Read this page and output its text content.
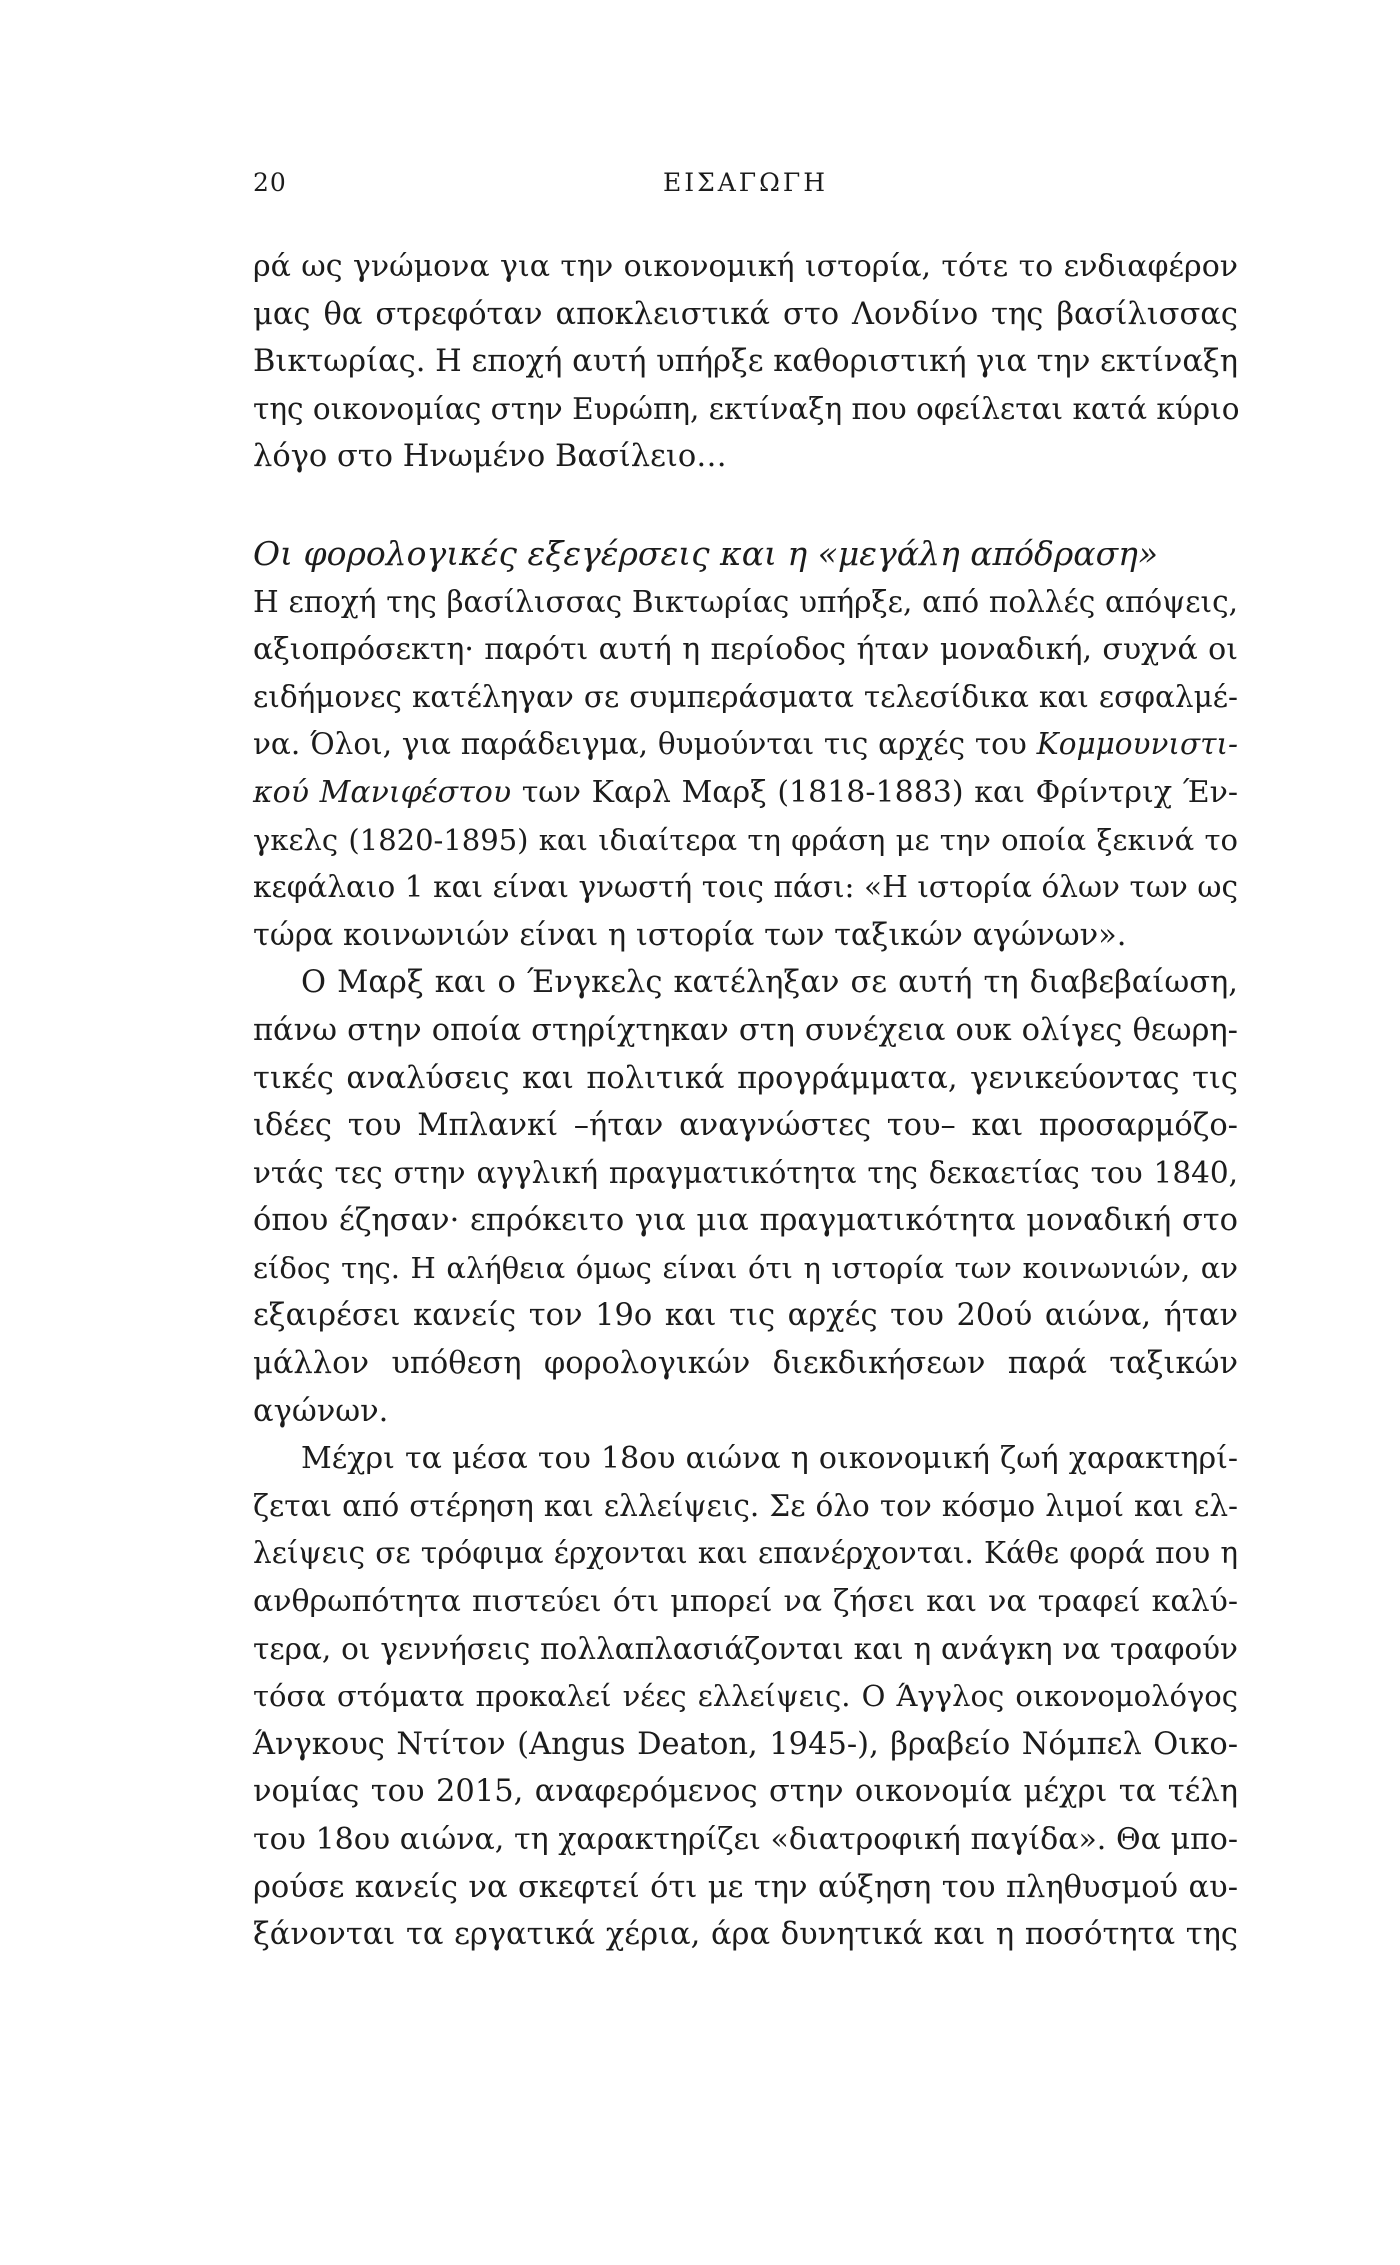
20	ΕΙΣΑΓΩΓΗ
ρά ως γνώμονα για την οικονομική ιστορία, τότε το ενδιαφέρον
μας θα στρεφόταν αποκλειστικά στο Λονδίνο της βασίλισσας
Βικτωρίας. Η εποχή αυτή υπήρξε καθοριστική για την εκτίναξη
της οικονομίας στην Ευρώπη, εκτίναξη που οφείλεται κατά κύριο
λόγο στο Ηνωμένο Βασίλειο…
Οι φορολογικές εξεγέρσεις και η «μεγάλη απόδραση»
Η εποχή της βασίλισσας Βικτωρίας υπήρξε, από πολλές απόψεις,
αξιοπρόσεκτη· παρότι αυτή η περίοδος ήταν μοναδική, συχνά οι
ειδήμονες κατέληγαν σε συμπεράσματα τελεσίδικα και εσφαλμέ-
να. Όλοι, για παράδειγμα, θυμούνται τις αρχές του Κομμουνιστι-
κού Μανιφέστου των Καρλ Μαρξ (1818-1883) και Φρίντριχ Έν-
γκελς (1820-1895) και ιδιαίτερα τη φράση με την οποία ξεκινά το
κεφάλαιο 1 και είναι γνωστή τοις πάσι: «Η ιστορία όλων των ως
τώρα κοινωνιών είναι η ιστορία των ταξικών αγώνων».
Ο Μαρξ και ο Ένγκελς κατέληξαν σε αυτή τη διαβεβαίωση,
πάνω στην οποία στηρίχτηκαν στη συνέχεια ουκ ολίγες θεωρη-
τικές αναλύσεις και πολιτικά προγράμματα, γενικεύοντας τις
ιδέες του Μπλανκί –ήταν αναγνώστες του– και προσαρμόζο-
ντάς τες στην αγγλική πραγματικότητα της δεκαετίας του 1840,
όπου έζησαν· επρόκειτο για μια πραγματικότητα μοναδική στο
είδος της. Η αλήθεια όμως είναι ότι η ιστορία των κοινωνιών, αν
εξαιρέσει κανείς τον 19ο και τις αρχές του 20ού αιώνα, ήταν
μάλλον υπόθεση φορολογικών διεκδικήσεων παρά ταξικών
αγώνων.
Μέχρι τα μέσα του 18ου αιώνα η οικονομική ζωή χαρακτηρί-
ζεται από στέρηση και ελλείψεις. Σε όλο τον κόσμο λιμοί και ελ-
λείψεις σε τρόφιμα έρχονται και επανέρχονται. Κάθε φορά που η
ανθρωπότητα πιστεύει ότι μπορεί να ζήσει και να τραφεί καλύ-
τερα, οι γεννήσεις πολλαπλασιάζονται και η ανάγκη να τραφούν
τόσα στόματα προκαλεί νέες ελλείψεις. Ο Άγγλος οικονομολόγος
Άνγκους Ντίτον (Angus Deaton, 1945-), βραβείο Νόμπελ Οικο-
νομίας του 2015, αναφερόμενος στην οικονομία μέχρι τα τέλη
του 18ου αιώνα, τη χαρακτηρίζει «διατροφική παγίδα». Θα μπο-
ρούσε κανείς να σκεφτεί ότι με την αύξηση του πληθυσμού αυ-
ξάνονται τα εργατικά χέρια, άρα δυνητικά και η ποσότητα της
